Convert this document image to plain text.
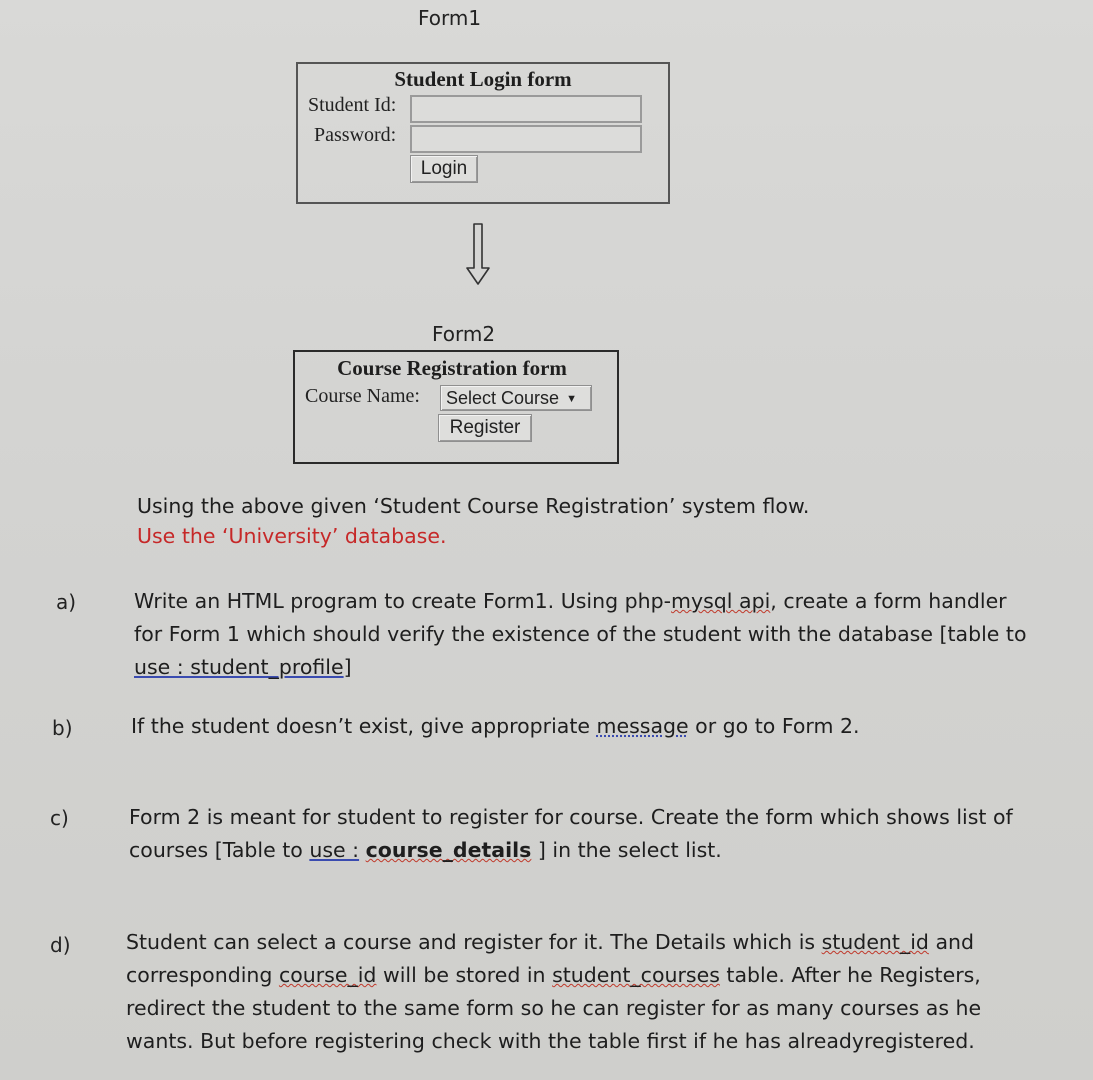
Form1
Student Login form
Student Id:
Password:
Login
Form2
Course Registration form
Course Name:	Select Course ▼
Register
Using the above given ‘Student Course Registration’ system flow.
Use the ‘University’ database.
a)	Write an HTML program to create Form1. Using php-mysql api, create a form handler
for Form 1 which should verify the existence of the student with the database [table to
use : student_profile]
b)	If the student doesn’t exist, give appropriate message or go to Form 2.
c)	Form 2 is meant for student to register for course. Create the form which shows list of
courses [Table to use : course_details ] in the select list.
d)	Student can select a course and register for it. The Details which is student_id and
corresponding course_id will be stored in student_courses table. After he Registers,
redirect the student to the same form so he can register for as many courses as he
wants. But before registering check with the table first if he has alreadyregistered.
